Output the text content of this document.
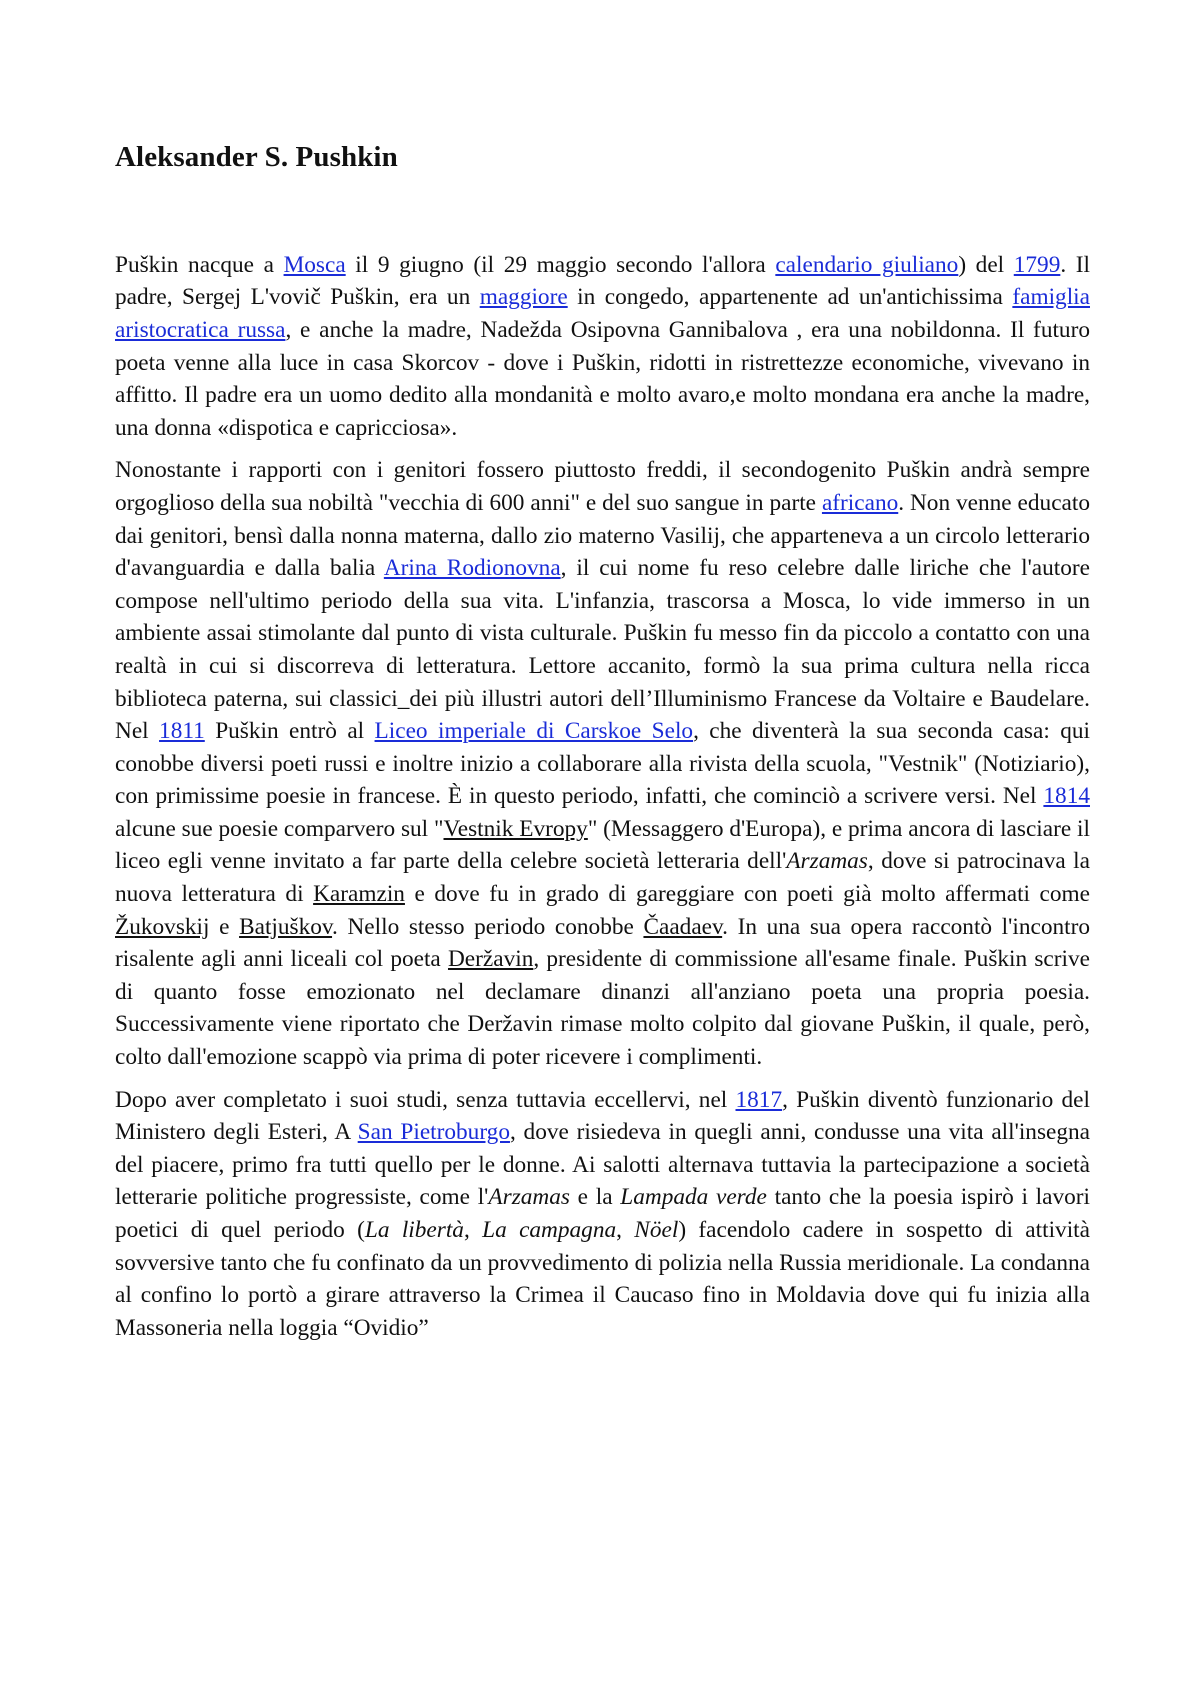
Aleksander S. Pushkin

Puškin nacque a Mosca il 9 giugno (il 29 maggio secondo l'allora calendario giuliano) del 1799. Il padre, Sergej L'vovič Puškin, era un maggiore in congedo, appartenente ad un'antichissima famiglia aristocratica russa, e anche la madre, Nadežda Osipovna Gannibalova , era una nobildonna. Il futuro poeta venne alla luce in casa Skorcov - dove i Puškin, ridotti in ristrettezze economiche, vivevano in affitto. Il padre era un uomo dedito alla mondanità e molto avaro,e molto mondana era anche la madre, una donna «dispotica e capricciosa».

Nonostante i rapporti con i genitori fossero piuttosto freddi, il secondogenito Puškin andrà sempre orgoglioso della sua nobiltà "vecchia di 600 anni" e del suo sangue in parte africano. Non venne educato dai genitori, bensì dalla nonna materna, dallo zio materno Vasilij, che apparteneva a un circolo letterario d'avanguardia e dalla balia Arina Rodionovna, il cui nome fu reso celebre dalle liriche che l'autore compose nell'ultimo periodo della sua vita. L'infanzia, trascorsa a Mosca, lo vide immerso in un ambiente assai stimolante dal punto di vista culturale. Puškin fu messo fin da piccolo a contatto con una realtà in cui si discorreva di letteratura. Lettore accanito, formò la sua prima cultura nella ricca biblioteca paterna, sui classici_dei più illustri autori dell’Illuminismo Francese da Voltaire e Baudelare. Nel 1811 Puškin entrò al Liceo imperiale di Carskoe Selo, che diventerà la sua seconda casa: qui conobbe diversi poeti russi e inoltre inizio a collaborare alla rivista della scuola, "Vestnik" (Notiziario), con primissime poesie in francese. È in questo periodo, infatti, che cominciò a scrivere versi. Nel 1814 alcune sue poesie comparvero sul "Vestnik Evropy" (Messaggero d'Europa), e prima ancora di lasciare il liceo egli venne invitato a far parte della celebre società letteraria dell'Arzamas, dove si patrocinava la nuova letteratura di Karamzin e dove fu in grado di gareggiare con poeti già molto affermati come Žukovskij e Batjuškov. Nello stesso periodo conobbe Čaadaev. In una sua opera raccontò l'incontro risalente agli anni liceali col poeta Deržavin, presidente di commissione all'esame finale. Puškin scrive di quanto fosse emozionato nel declamare dinanzi all'anziano poeta una propria poesia. Successivamente viene riportato che Deržavin rimase molto colpito dal giovane Puškin, il quale, però, colto dall'emozione scappò via prima di poter ricevere i complimenti.

Dopo aver completato i suoi studi, senza tuttavia eccellervi, nel 1817, Puškin diventò funzionario del Ministero degli Esteri, A San Pietroburgo, dove risiedeva in quegli anni, condusse una vita all'insegna del piacere, primo fra tutti quello per le donne. Ai salotti alternava tuttavia la partecipazione a società letterarie politiche progressiste, come l'Arzamas e la Lampada verde tanto che la poesia ispirò i lavori poetici di quel periodo (La libertà, La campagna, Nöel) facendolo cadere in sospetto di attività sovversive tanto che fu confinato da un provvedimento di polizia nella Russia meridionale. La condanna al confino lo portò a girare attraverso la Crimea il Caucaso fino in Moldavia dove qui fu inizia alla Massoneria nella loggia “Ovidio”
